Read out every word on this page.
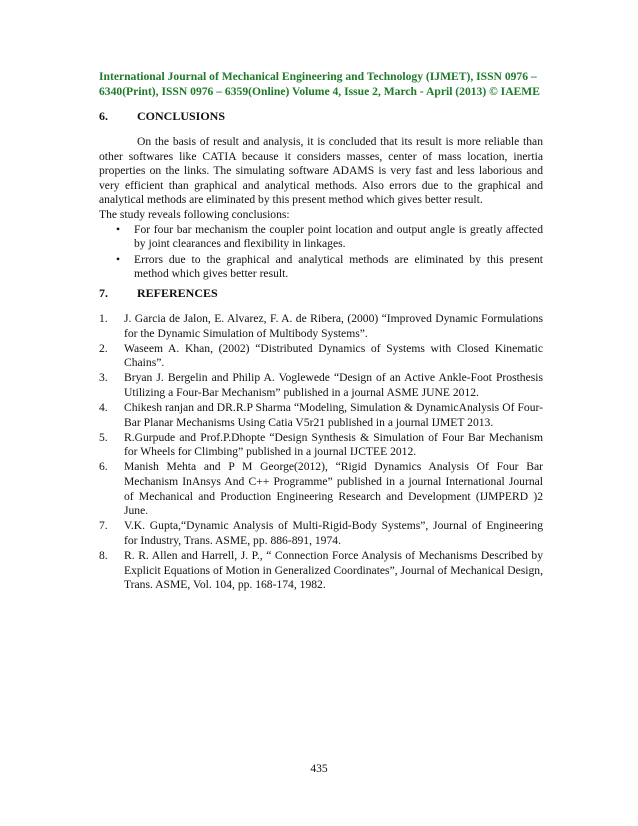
International Journal of Mechanical Engineering and Technology (IJMET), ISSN 0976 –
6340(Print), ISSN 0976 – 6359(Online) Volume 4, Issue 2, March - April (2013) © IAEME
6. CONCLUSIONS

On the basis of result and analysis, it is concluded that its result is more reliable than other softwares like CATIA because it considers masses, center of mass location, inertia properties on the links. The simulating software ADAMS is very fast and less laborious and very efficient than graphical and analytical methods. Also errors due to the graphical and analytical methods are eliminated by this present method which gives better result.

The study reveals following conclusions:

• For four bar mechanism the coupler point location and output angle is greatly affected by joint clearances and flexibility in linkages.
• Errors due to the graphical and analytical methods are eliminated by this present method which gives better result.
7. REFERENCES
1. J. Garcia de Jalon, E. Alvarez, F. A. de Ribera, (2000) “Improved Dynamic Formulations for the Dynamic Simulation of Multibody Systems”.
2. Waseem A. Khan, (2002) “Distributed Dynamics of Systems with Closed Kinematic Chains”.
3. Bryan J. Bergelin and Philip A. Voglewede “Design of an Active Ankle-Foot Prosthesis Utilizing a Four-Bar Mechanism” published in a journal ASME JUNE 2012.
4. Chikesh ranjan and DR.R.P Sharma “Modeling, Simulation & DynamicAnalysis Of Four-Bar Planar Mechanisms Using Catia V5r21 published in a journal IJMET 2013.
5. R.Gurpude and Prof.P.Dhopte “Design Synthesis & Simulation of Four Bar Mechanism for Wheels for Climbing” published in a journal IJCTEE 2012.
6. Manish Mehta and P M George(2012), “Rigid Dynamics Analysis Of Four Bar Mechanism InAnsys And C++ Programme” published in a journal International Journal of Mechanical and Production Engineering Research and Development (IJMPERD )2 June.
7. V.K. Gupta,“Dynamic Analysis of Multi-Rigid-Body Systems”, Journal of Engineering for Industry, Trans. ASME, pp. 886-891, 1974.
8. R. R. Allen and Harrell, J. P., “ Connection Force Analysis of Mechanisms Described by Explicit Equations of Motion in Generalized Coordinates”, Journal of Mechanical Design, Trans. ASME, Vol. 104, pp. 168-174, 1982.
435
